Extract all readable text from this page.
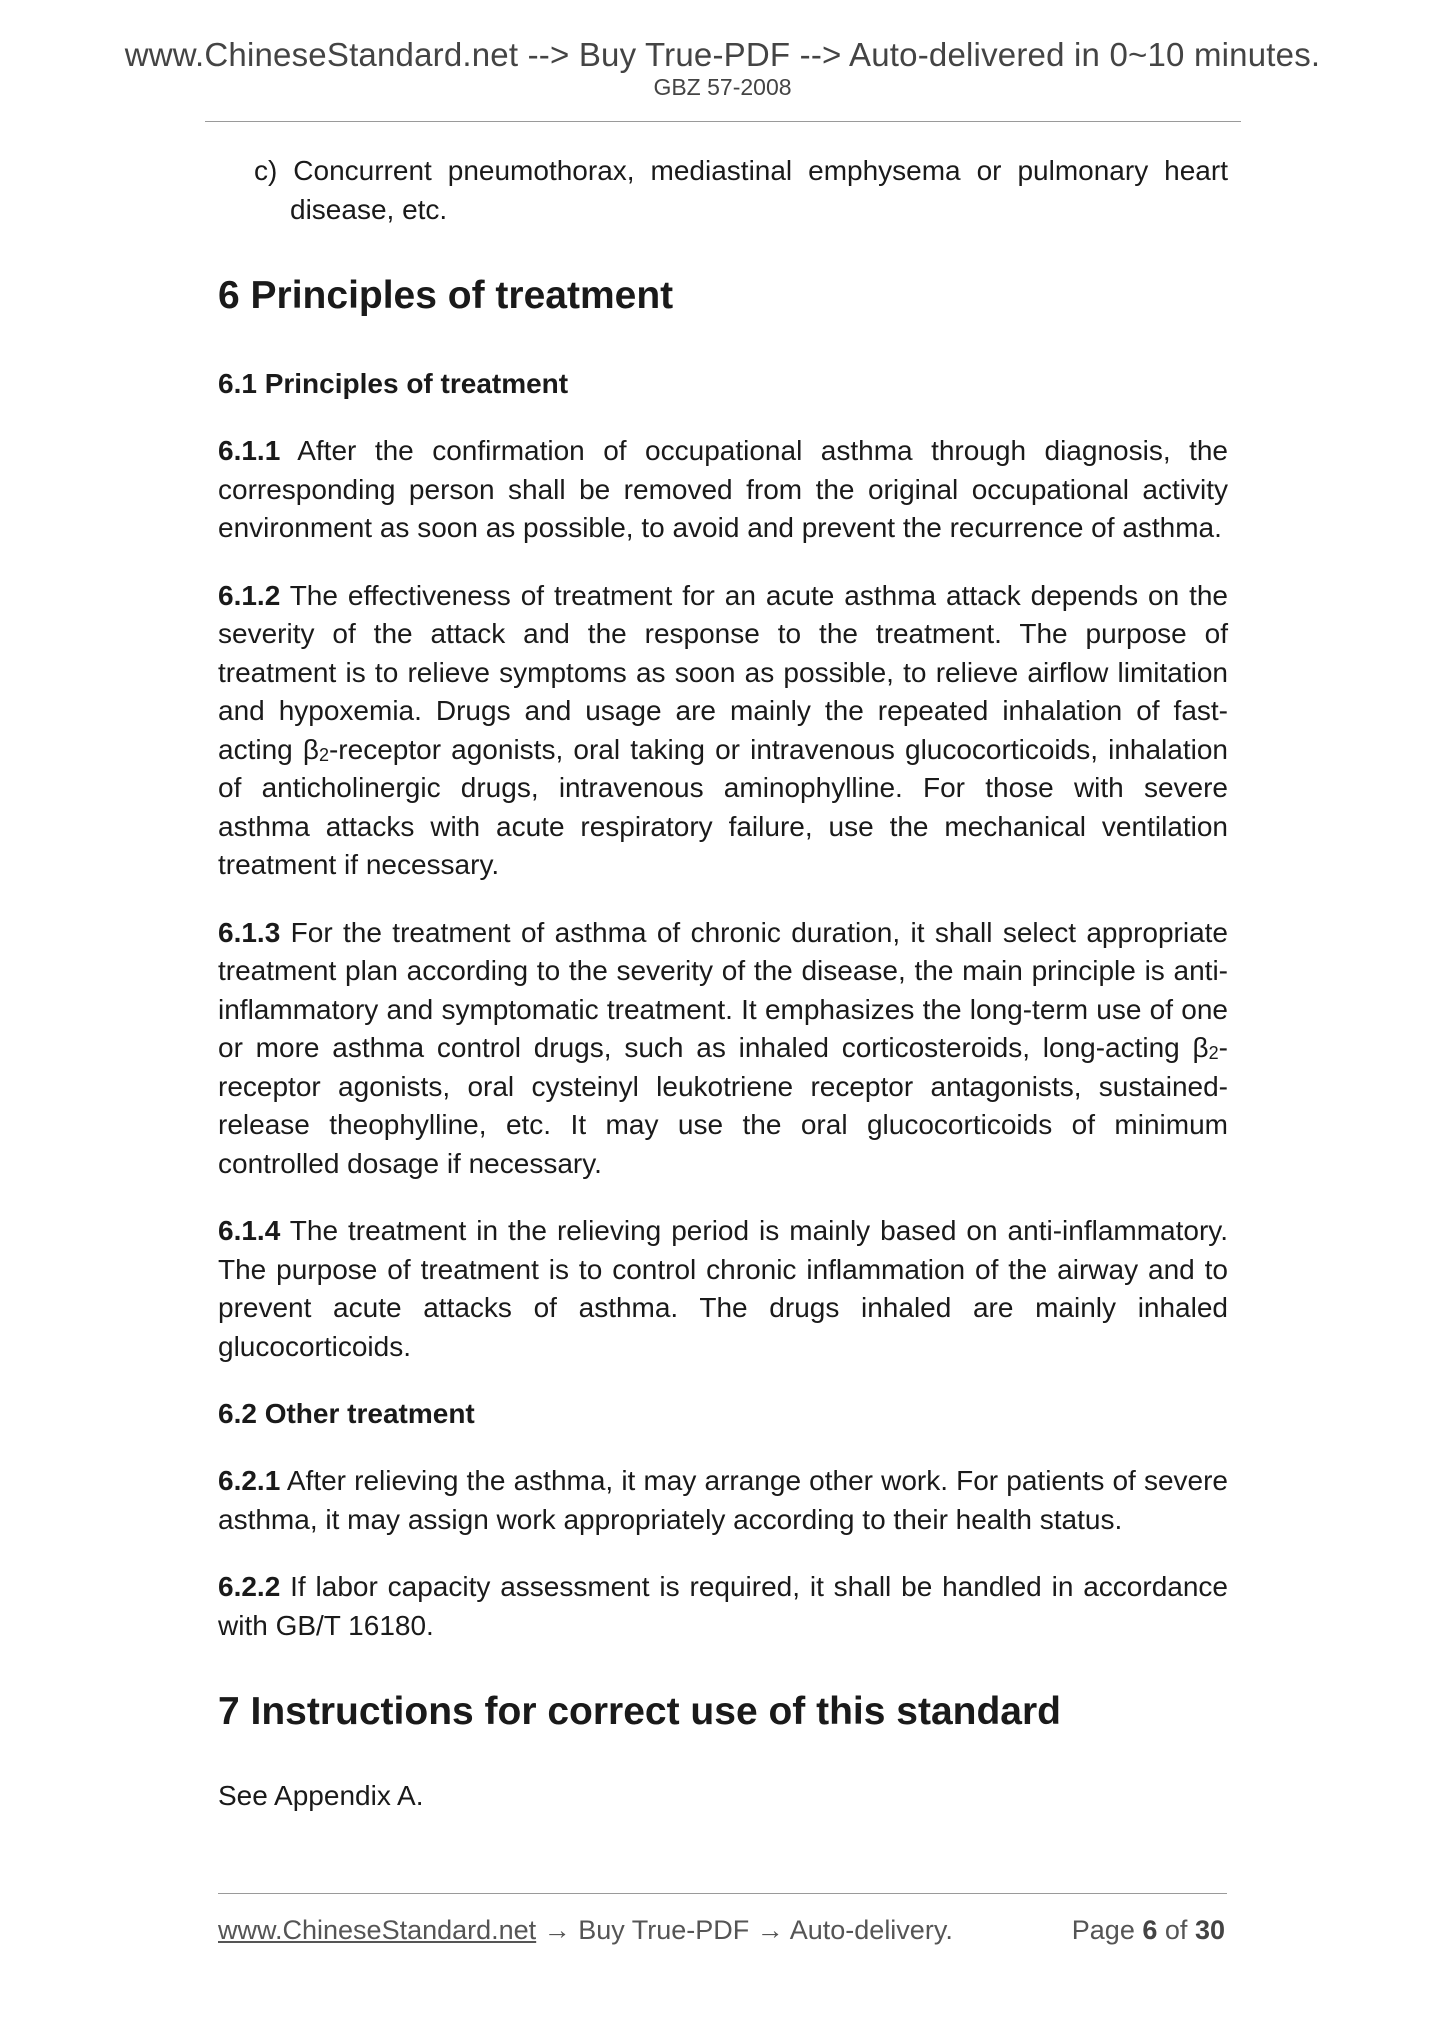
www.ChineseStandard.net --> Buy True-PDF --> Auto-delivered in 0~10 minutes.
GBZ 57-2008

c) Concurrent pneumothorax, mediastinal emphysema or pulmonary heart disease, etc.

6 Principles of treatment
6.1 Principles of treatment

6.1.1 After the confirmation of occupational asthma through diagnosis, the corresponding person shall be removed from the original occupational activity environment as soon as possible, to avoid and prevent the recurrence of asthma.

6.1.2 The effectiveness of treatment for an acute asthma attack depends on the severity of the attack and the response to the treatment. The purpose of treatment is to relieve symptoms as soon as possible, to relieve airflow limitation and hypoxemia. Drugs and usage are mainly the repeated inhalation of fast-acting $\beta_2$-receptor agonists, oral taking or intravenous glucocorticoids, inhalation of anticholinergic drugs, intravenous aminophylline. For those with severe asthma attacks with acute respiratory failure, use the mechanical ventilation treatment if necessary.

6.1.3 For the treatment of asthma of chronic duration, it shall select appropriate treatment plan according to the severity of the disease, the main principle is anti-inflammatory and symptomatic treatment. It emphasizes the long-term use of one or more asthma control drugs, such as inhaled corticosteroids, long-acting $\beta_2$-receptor agonists, oral cysteinyl leukotriene receptor antagonists, sustained-release theophylline, etc. It may use the oral glucocorticoids of minimum controlled dosage if necessary.

6.1.4 The treatment in the relieving period is mainly based on anti-inflammatory. The purpose of treatment is to control chronic inflammation of the airway and to prevent acute attacks of asthma. The drugs inhaled are mainly inhaled glucocorticoids.

6.2 Other treatment

6.2.1 After relieving the asthma, it may arrange other work. For patients of severe asthma, it may assign work appropriately according to their health status.

6.2.2 If labor capacity assessment is required, it shall be handled in accordance with GB/T 16180.

7 Instructions for correct use of this standard

See Appendix A.

www.ChineseStandard.net → Buy True-PDF → Auto-delivery.	Page 6 of 30
